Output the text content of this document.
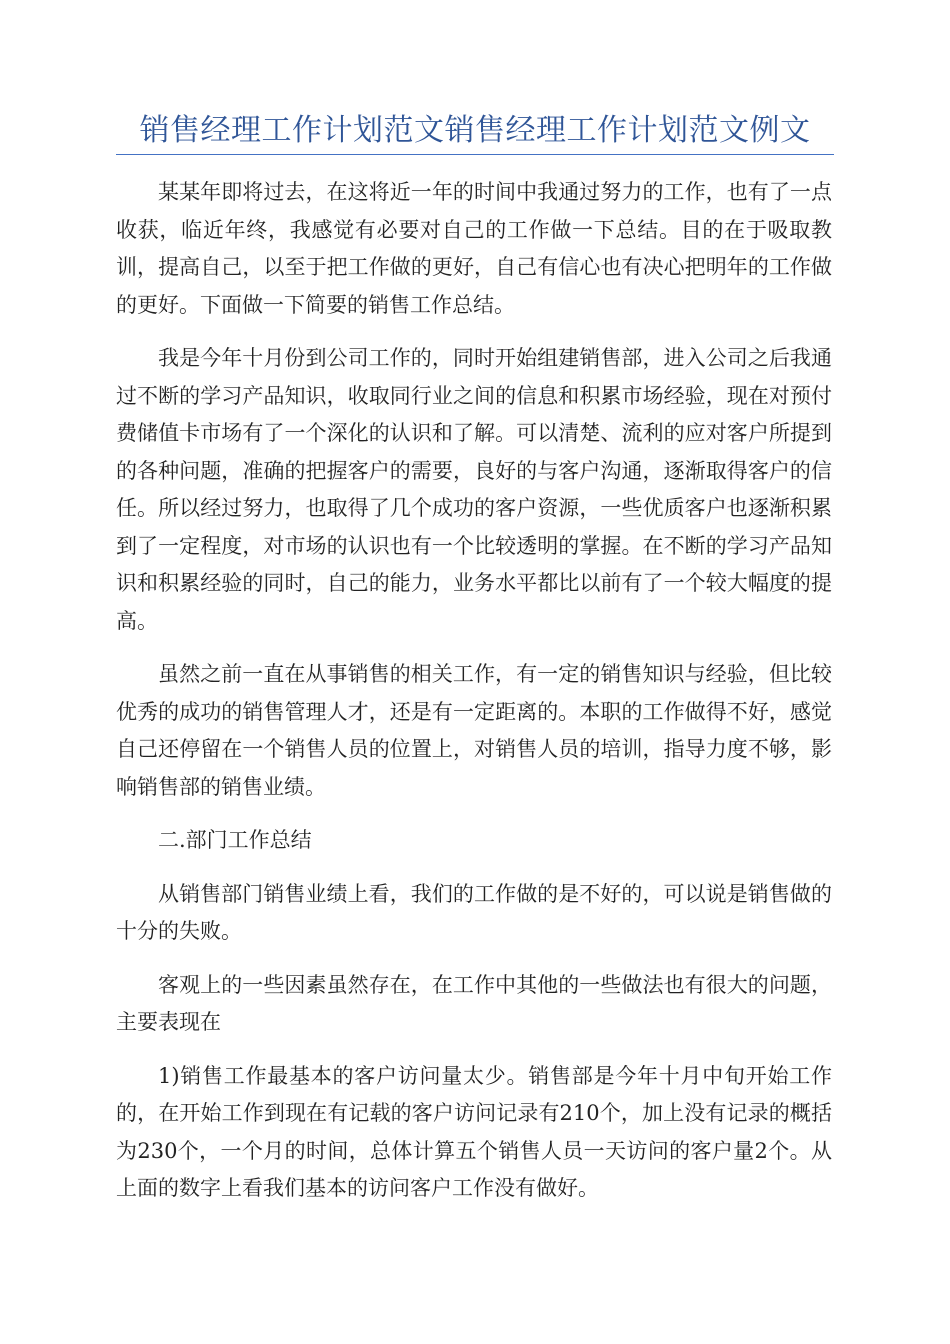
销售经理工作计划范文销售经理工作计划范文例文

某某年即将过去，在这将近一年的时间中我通过努力的工作，也有了一点收获，临近年终，我感觉有必要对自己的工作做一下总结。目的在于吸取教训，提高自己，以至于把工作做的更好，自己有信心也有决心把明年的工作做的更好。下面做一下简要的销售工作总结。

我是今年十月份到公司工作的，同时开始组建销售部，进入公司之后我通过不断的学习产品知识，收取同行业之间的信息和积累市场经验，现在对预付费储值卡市场有了一个深化的认识和了解。可以清楚、流利的应对客户所提到的各种问题，准确的把握客户的需要，良好的与客户沟通，逐渐取得客户的信任。所以经过努力，也取得了几个成功的客户资源，一些优质客户也逐渐积累到了一定程度，对市场的认识也有一个比较透明的掌握。在不断的学习产品知识和积累经验的同时，自己的能力，业务水平都比以前有了一个较大幅度的提高。

虽然之前一直在从事销售的相关工作，有一定的销售知识与经验，但比较优秀的成功的销售管理人才，还是有一定距离的。本职的工作做得不好，感觉自己还停留在一个销售人员的位置上，对销售人员的培训，指导力度不够，影响销售部的销售业绩。

二.部门工作总结

从销售部门销售业绩上看，我们的工作做的是不好的，可以说是销售做的十分的失败。

客观上的一些因素虽然存在，在工作中其他的一些做法也有很大的问题，主要表现在

1)销售工作最基本的客户访问量太少。销售部是今年十月中旬开始工作的，在开始工作到现在有记载的客户访问记录有210个，加上没有记录的概括为230个，一个月的时间，总体计算五个销售人员一天访问的客户量2个。从上面的数字上看我们基本的访问客户工作没有做好。
